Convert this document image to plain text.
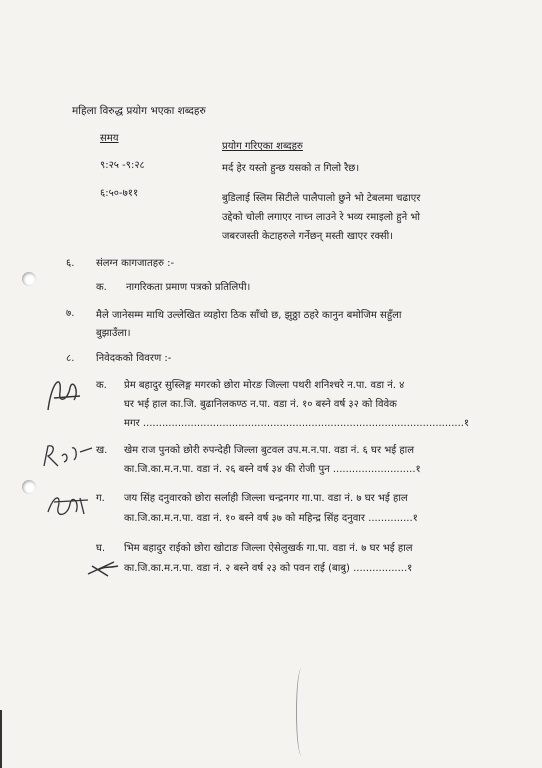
महिला विरुद्ध प्रयोग भएका शब्दहरु
समय
प्रयोग गरिएका शब्दहरु
९:२५ -९:२८	मर्द हेर यस्तो हुन्छ यसको त गिलो रैछ।
६:५०-७११	बुडिलाई स्लिम सिटीले पालैपालो छुने भो टेबलमा चढाएर
उद्देको चोली लगाएर नाच्न लाउने रे भव्य रमाइलो हुने भो
जबरजस्ती केटाहरुले गर्नेछन् मस्ती खाएर रक्सी।
६. संलग्न कागजातहरु :-
क. नागरिकता प्रमाण पत्रको प्रतिलिपी।
७. मैले जानेसम्म माथि उल्लेखित व्यहोरा ठिक साँचो छ, झुठ्ठा ठहरे कानुन बमोजिम सहुँला
बुझाउँला।
८. निवेदकको विवरण :-
क. प्रेम बहादुर सुस्लिङ्ग मगरको छोरा मोरङ जिल्ला पथरी शनिश्चरे न.पा. वडा नं. ४
घर भई हाल का.जि. बुढानिलकण्ठ न.पा. वडा नं. १० बस्ने वर्ष ३२ को विवेक
मगर .....................................................................................................१
ख. खेम राज पुनको छोरी रुपन्देही जिल्ला बुटवल उप.म.न.पा. वडा नं. ६ घर भई हाल
का.जि.का.म.न.पा. वडा नं. २६ बस्ने वर्ष ३४ की रोजी पुन ..........................१
ग. जय सिंह दनुवारको छोरा सर्लाही जिल्ला चन्द्रनगर गा.पा. वडा नं. ७ घर भई हाल
का.जि.का.म.न.पा. वडा नं. १० बस्ने वर्ष ३७ को महिन्द्र सिंह दनुवार ..............१
घ. भिम बहादुर राईको छोरा खोटाङ जिल्ला ऐसेलुखर्क गा.पा. वडा नं. ७ घर भई हाल
का.जि.का.म.न.पा. वडा नं. २ बस्ने वर्ष २३ को पवन राई (बाबु) .................१
